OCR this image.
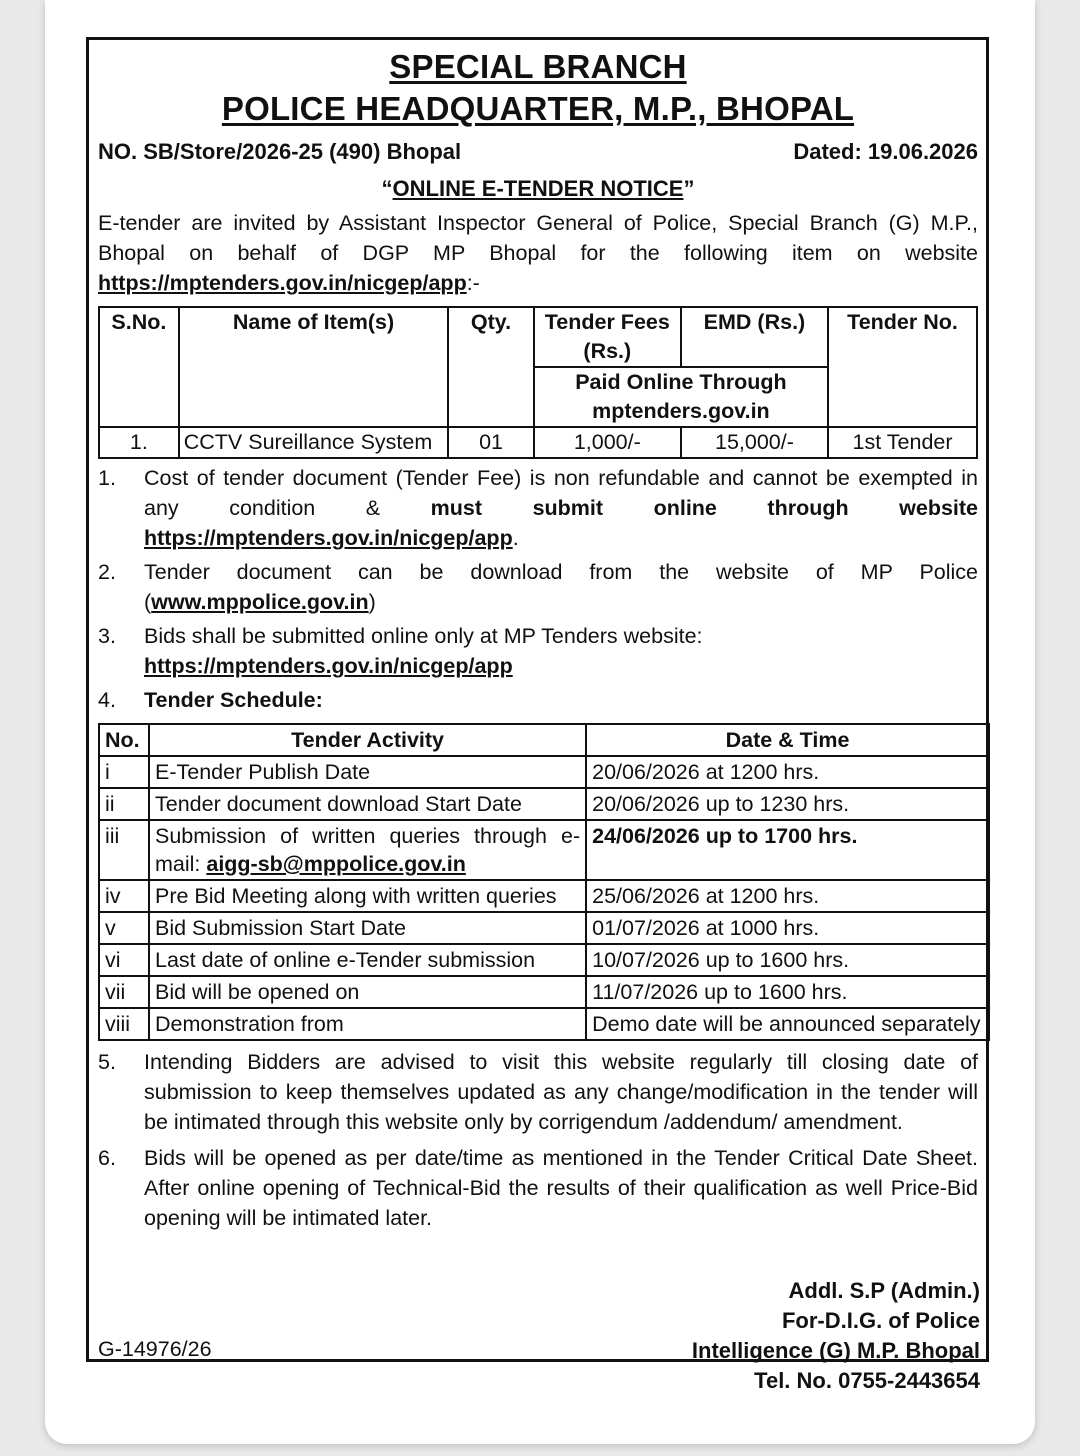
SPECIAL BRANCH
POLICE HEADQUARTER, M.P., BHOPAL
NO. SB/Store/2026-25 (490) Bhopal	Dated: 19.06.2026
“ONLINE E-TENDER NOTICE”
E-tender are invited by Assistant Inspector General of Police, Special Branch (G) M.P., Bhopal on behalf of DGP MP Bhopal for the following item on website https://mptenders.gov.in/nicgep/app:-
S.No.	Name of Item(s)	Qty.	Tender Fees (Rs.)	EMD (Rs.)	Tender No.
			Paid Online Through mptenders.gov.in		
1.	CCTV Sureillance System	01	1,000/-	15,000/-	1st Tender
1.	Cost of tender document (Tender Fee) is non refundable and cannot be exempted in any condition & must submit online through website https://mptenders.gov.in/nicgep/app.
2.	Tender document can be download from the website of MP Police (www.mppolice.gov.in)
3.	Bids shall be submitted online only at MP Tenders website: https://mptenders.gov.in/nicgep/app
4.	Tender Schedule:
No.	Tender Activity	Date & Time
i	E-Tender Publish Date	20/06/2026 at 1200 hrs.
ii	Tender document download Start Date	20/06/2026 up to 1230 hrs.
iii	Submission of written queries through e-mail: aigg-sb@mppolice.gov.in	24/06/2026 up to 1700 hrs.
iv	Pre Bid Meeting along with written queries	25/06/2026 at 1200 hrs.
v	Bid Submission Start Date	01/07/2026 at 1000 hrs.
vi	Last date of online e-Tender submission	10/07/2026 up to 1600 hrs.
vii	Bid will be opened on	11/07/2026 up to 1600 hrs.
viii	Demonstration from	Demo date will be announced separately
5.	Intending Bidders are advised to visit this website regularly till closing date of submission to keep themselves updated as any change/modification in the tender will be intimated through this website only by corrigendum /addendum/ amendment.
6.	Bids will be opened as per date/time as mentioned in the Tender Critical Date Sheet. After online opening of Technical-Bid the results of their qualification as well Price-Bid opening will be intimated later.
Addl. S.P (Admin.)
For-D.I.G. of Police
Intelligence (G) M.P. Bhopal
Tel. No. 0755-2443654
G-14976/26
